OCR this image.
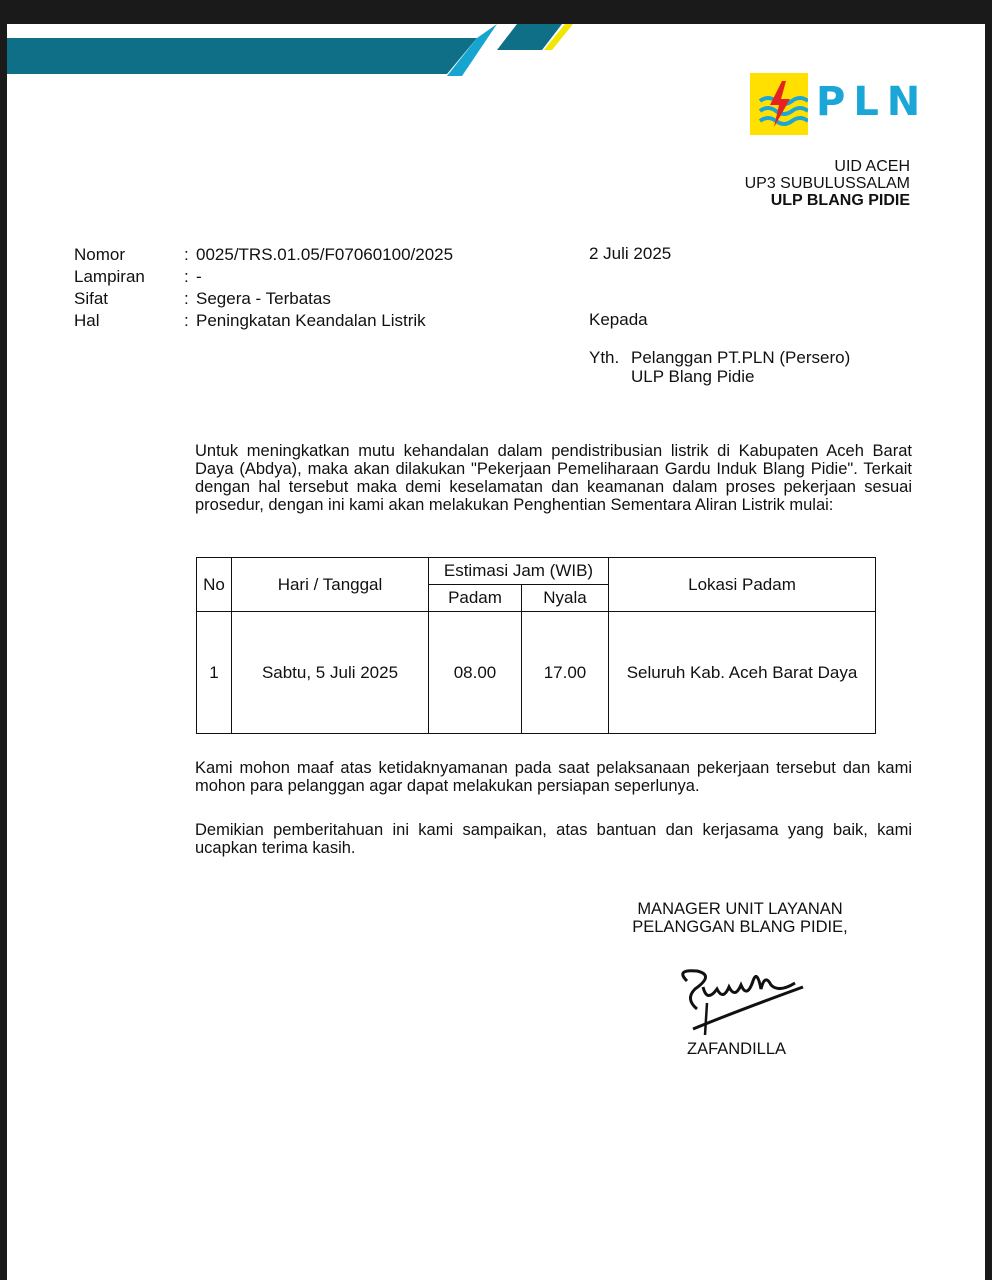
PLN
UID ACEH
UP3 SUBULUSSALAM
ULP BLANG PIDIE
Nomor	: 0025/TRS.01.05/F07060100/2025
Lampiran	: -
Sifat	: Segera - Terbatas
Hal	: Peningkatan Keandalan Listrik
2 Juli 2025
Kepada
Yth. Pelanggan PT.PLN (Persero)
ULP Blang Pidie

Untuk meningkatkan mutu kehandalan dalam pendistribusian listrik di Kabupaten Aceh Barat Daya (Abdya), maka akan dilakukan "Pekerjaan Pemeliharaan Gardu Induk Blang Pidie". Terkait dengan hal tersebut maka demi keselamatan dan keamanan dalam proses pekerjaan sesuai prosedur, dengan ini kami akan melakukan Penghentian Sementara Aliran Listrik mulai:

No	Hari / Tanggal	Estimasi Jam (WIB)		Lokasi Padam
		Padam	Nyala	
1	Sabtu, 5 Juli 2025	08.00	17.00	Seluruh Kab. Aceh Barat Daya

Kami mohon maaf atas ketidaknyamanan pada saat pelaksanaan pekerjaan tersebut dan kami mohon para pelanggan agar dapat melakukan persiapan seperlunya.

Demikian pemberitahuan ini kami sampaikan, atas bantuan dan kerjasama yang baik, kami ucapkan terima kasih.

MANAGER UNIT LAYANAN
PELANGGAN BLANG PIDIE,
ZAFANDILLA
